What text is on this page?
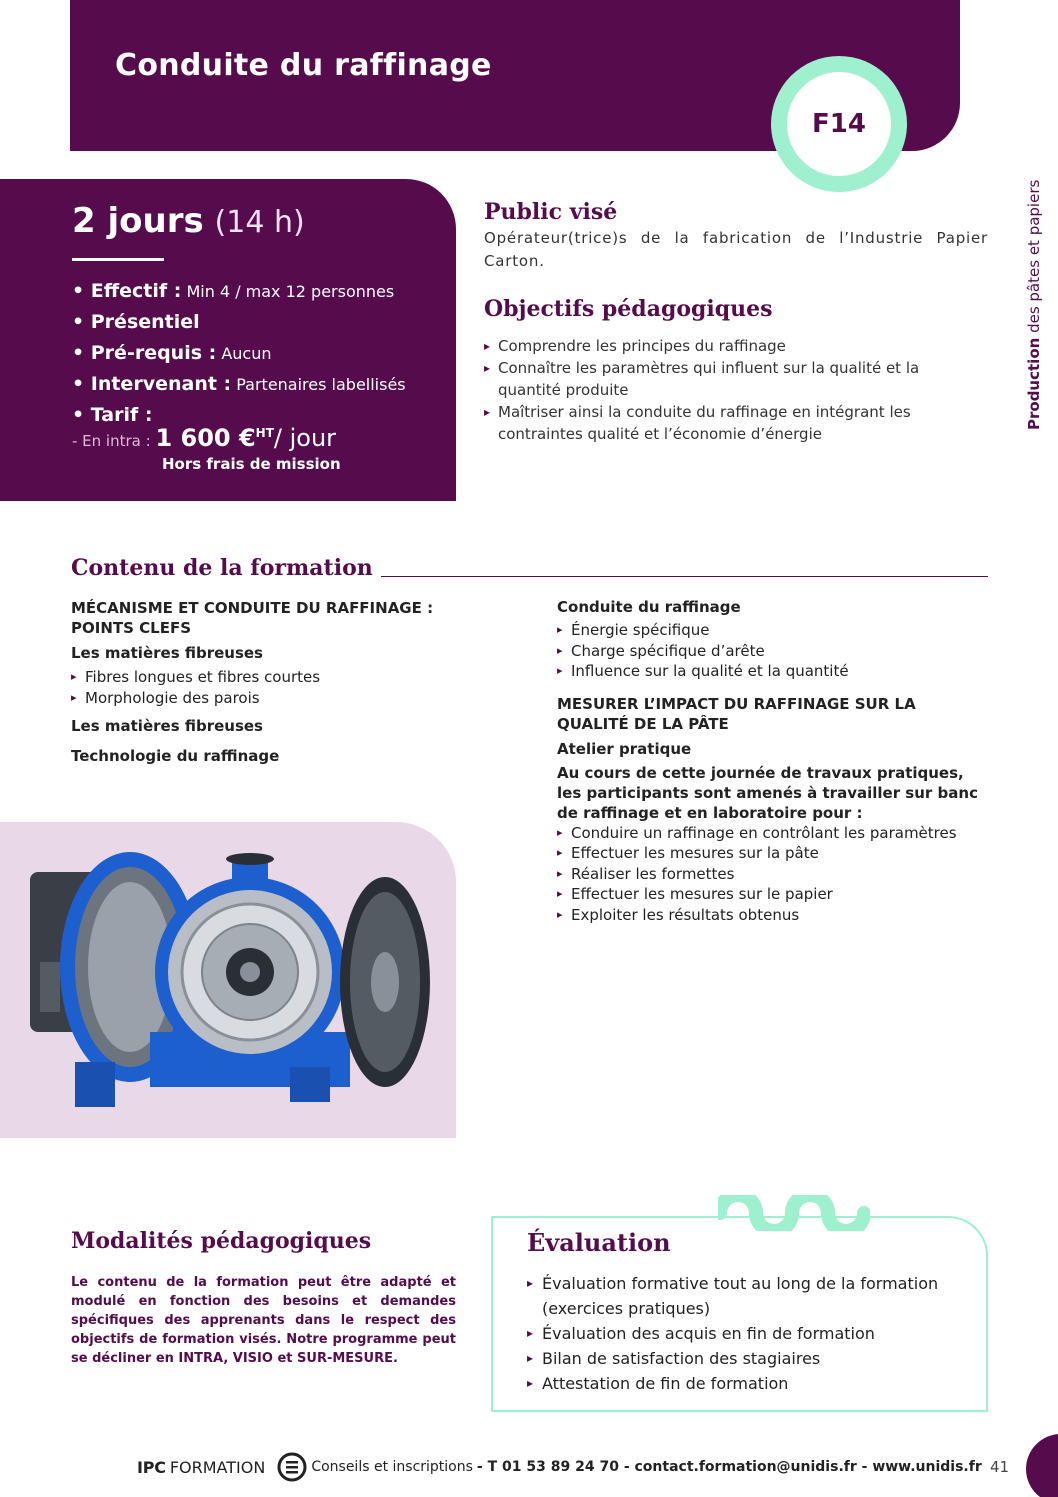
Conduite du raffinage
F14
Production des pâtes et papiers
2 jours (14 h)
• Effectif : Min 4 / max 12 personnes
• Présentiel
• Pré-requis : Aucun
• Intervenant : Partenaires labellisés
• Tarif :
- En intra : 1 600 €$^{HT}$/ jour
Hors frais de mission
Public visé

Opérateur(trice)s de la fabrication de l’Industrie Papier Carton.

Objectifs pédagogiques
▸ Comprendre les principes du raffinage
▸ Connaître les paramètres qui influent sur la qualité et la quantité produite
▸ Maîtriser ainsi la conduite du raffinage en intégrant les contraintes qualité et l’économie d’énergie
Contenu de la formation
MÉCANISME ET CONDUITE DU RAFFINAGE : POINTS CLEFS
Les matières fibreuses
▸ Fibres longues et fibres courtes
▸ Morphologie des parois
Les matières fibreuses
Technologie du raffinage
Conduite du raffinage
▸ Énergie spécifique
▸ Charge spécifique d’arête
▸ Influence sur la qualité et la quantité
MESURER L’IMPACT DU RAFFINAGE SUR LA QUALITÉ DE LA PÂTE
Atelier pratique
Au cours de cette journée de travaux pratiques, les participants sont amenés à travailler sur banc de raffinage et en laboratoire pour :
▸ Conduire un raffinage en contrôlant les paramètres
▸ Effectuer les mesures sur la pâte
▸ Réaliser les formettes
▸ Effectuer les mesures sur le papier
▸ Exploiter les résultats obtenus
Modalités pédagogiques

Le contenu de la formation peut être adapté et modulé en fonction des besoins et demandes spécifiques des apprenants dans le respect des objectifs de formation visés. Notre programme peut se décliner en INTRA, VISIO et SUR-MESURE.

Évaluation
▸ Évaluation formative tout au long de la formation (exercices pratiques)
▸ Évaluation des acquis en fin de formation
▸ Bilan de satisfaction des stagiaires
▸ Attestation de fin de formation
IPC FORMATION	Conseils et inscriptions - T 01 53 89 24 70 - contact.formation@unidis.fr - www.unidis.fr 41
